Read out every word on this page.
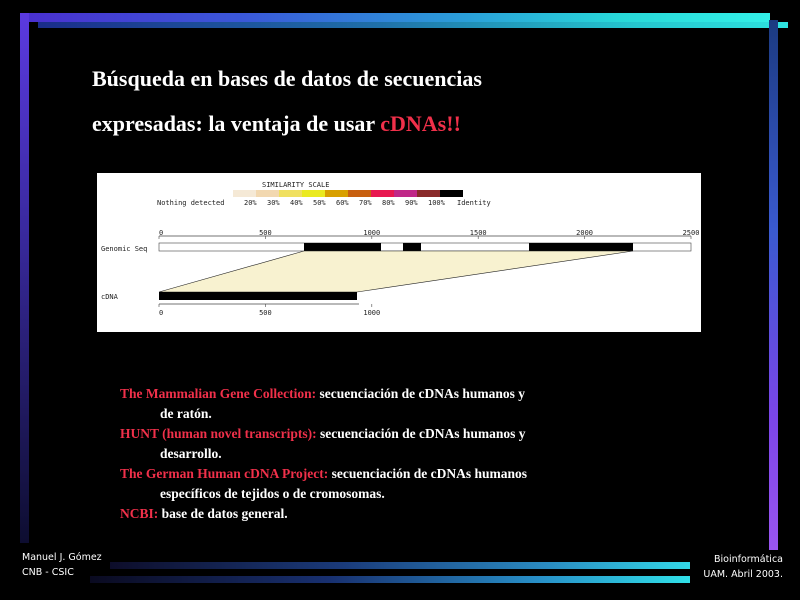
Búsqueda en bases de datos de secuencias
expresadas: la ventaja de usar cDNAs!!
SIMILARITY SCALE
Nothing detected	20% 30% 40% 50% 60% 70% 80% 90% 100% Identity
0	500	1000	1500	2000	2500
Genomic Seq
cDNA
0	500	1000
The Mammalian Gene Collection: secuenciación de cDNAs humanos y
de ratón.
HUNT (human novel transcripts): secuenciación de cDNAs humanos y
desarrollo.
The German Human cDNA Project: secuenciación de cDNAs humanos
específicos de tejidos o de cromosomas.
NCBI: base de datos general.
Manuel J. Gómez
CNB - CSIC
Bioinformática
UAM. Abril 2003.
